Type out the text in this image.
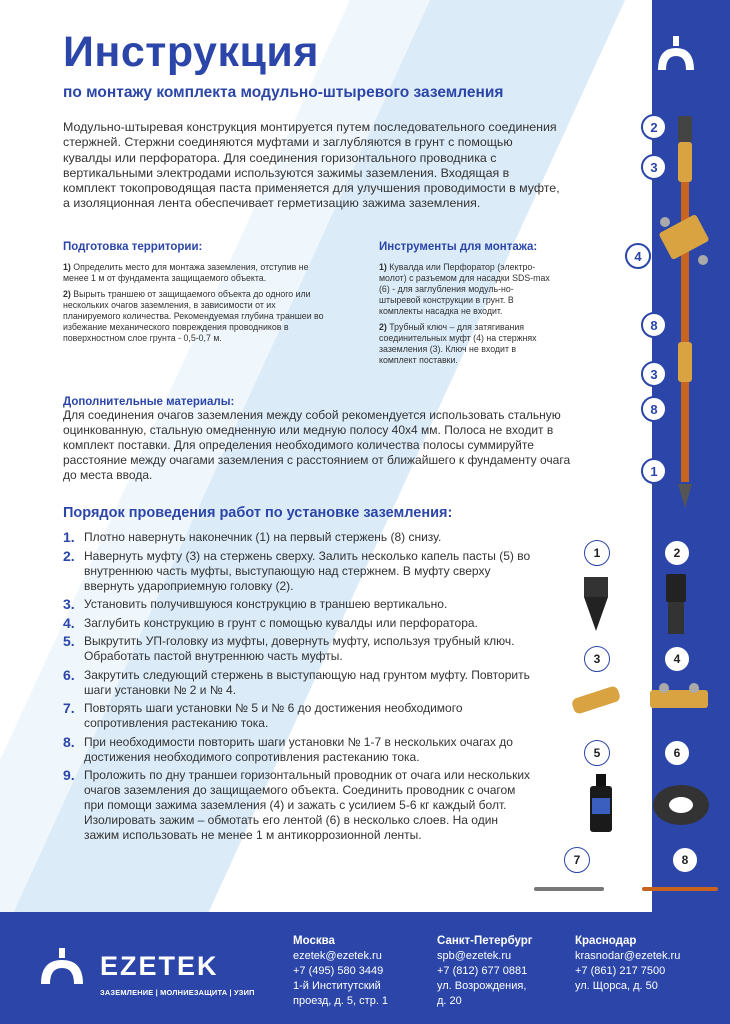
Инструкция
по монтажу комплекта модульно-штыревого заземления
Модульно-штыревая конструкция монтируется путем последовательного соединения стержней. Стержни соединяются муфтами и заглубляются в грунт с помощью кувалды или перфоратора. Для соединения горизонтального проводника с вертикальными электродами используются зажимы заземления. Входящая в комплект токопроводящая паста применяется для улучшения проводимости в муфте, а изоляционная лента обеспечивает герметизацию зажима заземления.
Подготовка территории:

1) Определить место для монтажа заземления, отступив не менее 1 м от фундамента защищаемого объекта.

2) Вырыть траншею от защищаемого объекта до одного или нескольких очагов заземления, в зависимости от их планируемого количества. Рекомендуемая глубина траншеи во избежание механического повреждения проводников в поверхностном слое грунта - 0,5-0,7 м.

Инструменты для монтажа:

1) Кувалда или Перфоратор (электро-молот) с разъемом для насадки SDS-max (6) - для заглубления модуль-но-штыревой конструкции в грунт. В комплекты насадка не входит.

2) Трубный ключ – для затягивания соединительных муфт (4) на стержнях заземления (3). Ключ не входит в комплект поставки.

Дополнительные материалы:
Для соединения очагов заземления между собой рекомендуется использовать стальную оцинкованную, стальную омедненную или медную полосу 40х4 мм. Полоса не входит в комплект поставки. Для определения необходимого количества полосы суммируйте расстояние между очагами заземления с расстоянием от ближайшего к фундаменту очага до места ввода.
Порядок проведения работ по установке заземления:
1. Плотно навернуть наконечник (1) на первый стержень (8) снизу.
2. Навернуть муфту (3) на стержень сверху. Залить несколько капель пасты (5) во внутреннюю часть муфты, выступающую над стержнем. В муфту сверху ввернуть удароприемную головку (2).
3. Установить получившуюся конструкцию в траншею вертикально.
4. Заглубить конструкцию в грунт с помощью кувалды или перфоратора.
5. Выкрутить УП-головку из муфты, довернуть муфту, используя трубный ключ. Обработать пастой внутреннюю часть муфты.
6. Закрутить следующий стержень в выступающую над грунтом муфту. Повторить шаги установки № 2 и № 4.
7. Повторять шаги установки № 5 и № 6 до достижения необходимого сопротивления растеканию тока.
8. При необходимости повторить шаги установки № 1-7 в нескольких очагах до достижения необходимого сопротивления растеканию тока.
9. Проложить по дну траншеи горизонтальный проводник от очага или нескольких очагов заземления до защищаемого объекта. Соединить проводник с очагом при помощи зажима заземления (4) и зажать с усилием 5-6 кг каждый болт. Изолировать зажим – обмотать его лентой (6) в несколько слоев. На один зажим использовать не менее 1 м антикоррозионной ленты.
2
3
4
8
3
8
1
1	2
3	4
5	6
7	8
EZETEK
ЗАЗЕМЛЕНИЕ | МОЛНИЕЗАЩИТА | УЗИП
Москва
ezetek@ezetek.ru
+7 (495) 580 3449
1-й Институтский
проезд, д. 5, стр. 1
Санкт-Петербург
spb@ezetek.ru
+7 (812) 677 0881
ул. Возрождения,
д. 20
Краснодар
krasnodar@ezetek.ru
+7 (861) 217 7500
ул. Щорса, д. 50
